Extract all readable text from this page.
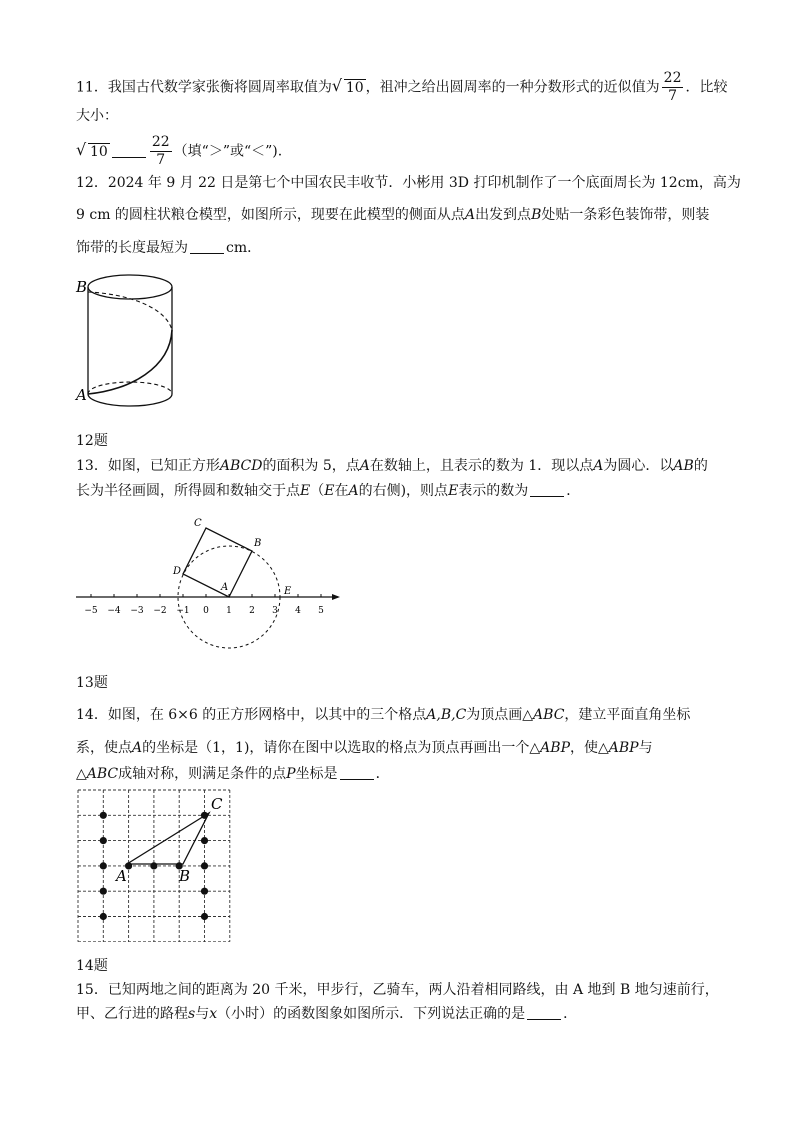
11．我国古代数学家张衡将圆周率取值为 √ 10 ，祖冲之给出圆周率的一种分数形式的近似值为 $\frac{22}{7}$ ．比较
大小：
√ 10	$\frac{22}{7}$ （填“＞”或“＜”).
12．2024 年 9 月 22 日是第七个中国农民丰收节．小彬用 3D 打印机制作了一个底面周长为 12cm，高为
9 cm 的圆柱状粮仓模型，如图所示，现要在此模型的侧面从点A出发到点B处贴一条彩色装饰带，则装
饰带的长度最短为	cm．
B
A
12题
13．如图，已知正方形ABCD的面积为 5，点A在数轴上，且表示的数为 1．现以点A为圆心．以AB的
长为半径画圆，所得圆和数轴交于点E（E在A的右侧)，则点E表示的数为	．
−5 −4 −3 −2 −1 0 1 2 3 4 5
C
B
D
A	E
13题
14．如图，在 6×6 的正方形网格中，以其中的三个格点A,B,C为顶点画△ABC，建立平面直角坐标
系，使点A的坐标是（1，1)，请你在图中以选取的格点为顶点再画出一个△ABP，使△ABP与
△ABC成轴对称，则满足条件的点P坐标是	．
A	B
C
14题
15．已知两地之间的距离为 20 千米，甲步行，乙骑车，两人沿着相同路线，由 A 地到 B 地匀速前行，
甲、乙行进的路程s与x（小时）的函数图象如图所示．下列说法正确的是	．
